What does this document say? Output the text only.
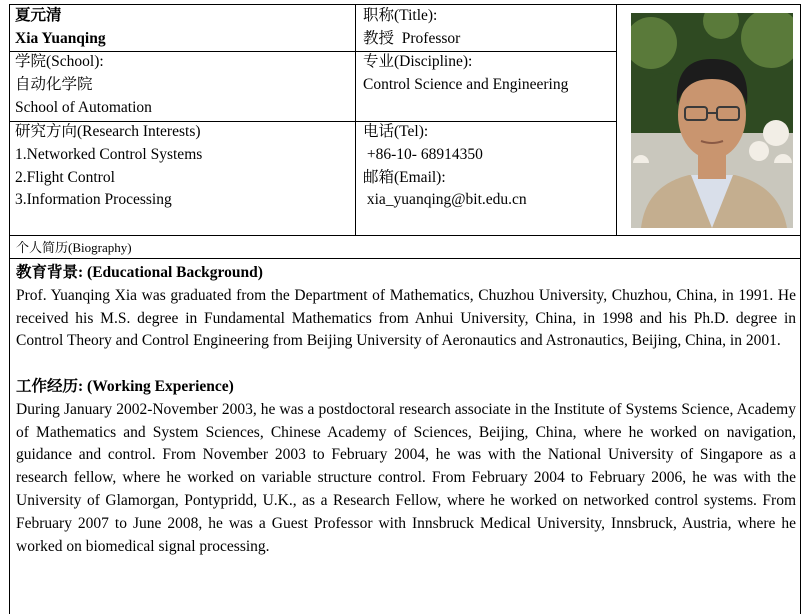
夏元清
Xia Yuanqing
职称(Title):
教授  Professor
学院(School):
自动化学院
School of Automation
专业(Discipline):
Control Science and Engineering
研究方向(Research Interests)
1.Networked Control Systems
2.Flight Control
3.Information Processing
电话(Tel):
+86-10- 68914350
邮箱(Email):
xia_yuanqing@bit.edu.cn
个人简历(Biography)
教育背景: (Educational Background)

Prof. Yuanqing Xia was graduated from the Department of Mathematics, Chuzhou University, Chuzhou, China, in 1991. He received his M.S. degree in Fundamental Mathematics from Anhui University, China, in 1998 and his Ph.D. degree in Control Theory and Control Engineering from Beijing University of Aeronautics and Astronautics, Beijing, China, in 2001.

工作经历: (Working Experience)

During January 2002-November 2003, he was a postdoctoral research associate in the Institute of Systems Science, Academy of Mathematics and System Sciences, Chinese Academy of Sciences, Beijing, China, where he worked on navigation, guidance and control. From November 2003 to February 2004, he was with the National University of Singapore as a research fellow, where he worked on variable structure control. From February 2004 to February 2006, he was with the University of Glamorgan, Pontypridd, U.K., as a Research Fellow, where he worked on networked control systems. From February 2007 to June 2008, he was a Guest Professor with Innsbruck Medical University, Innsbruck, Austria, where he worked on biomedical signal processing.
